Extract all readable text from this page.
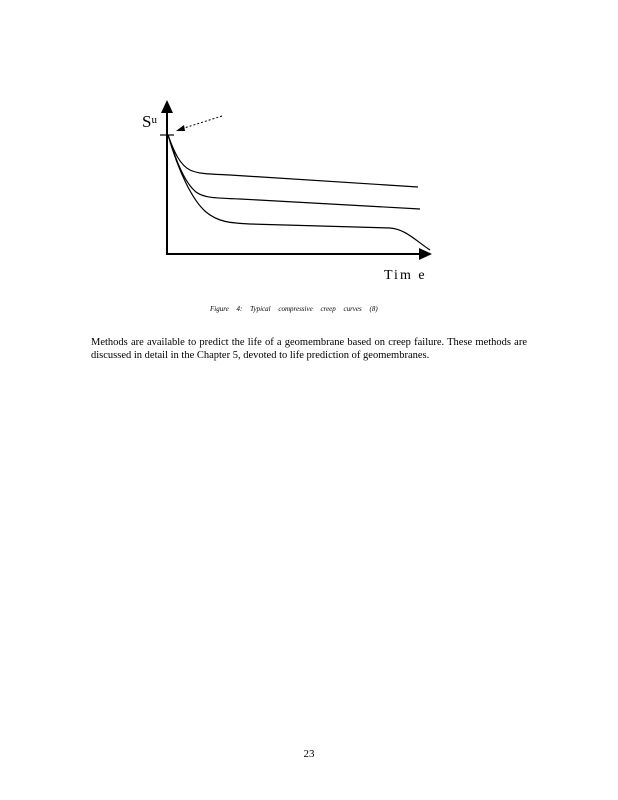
$S^u$
Tim e
Figure 4: Typical compressive creep curves (8)

Methods are available to predict the life of a geomembrane based on creep failure. These methods are discussed in detail in the Chapter 5, devoted to life prediction of geomembranes.

23
